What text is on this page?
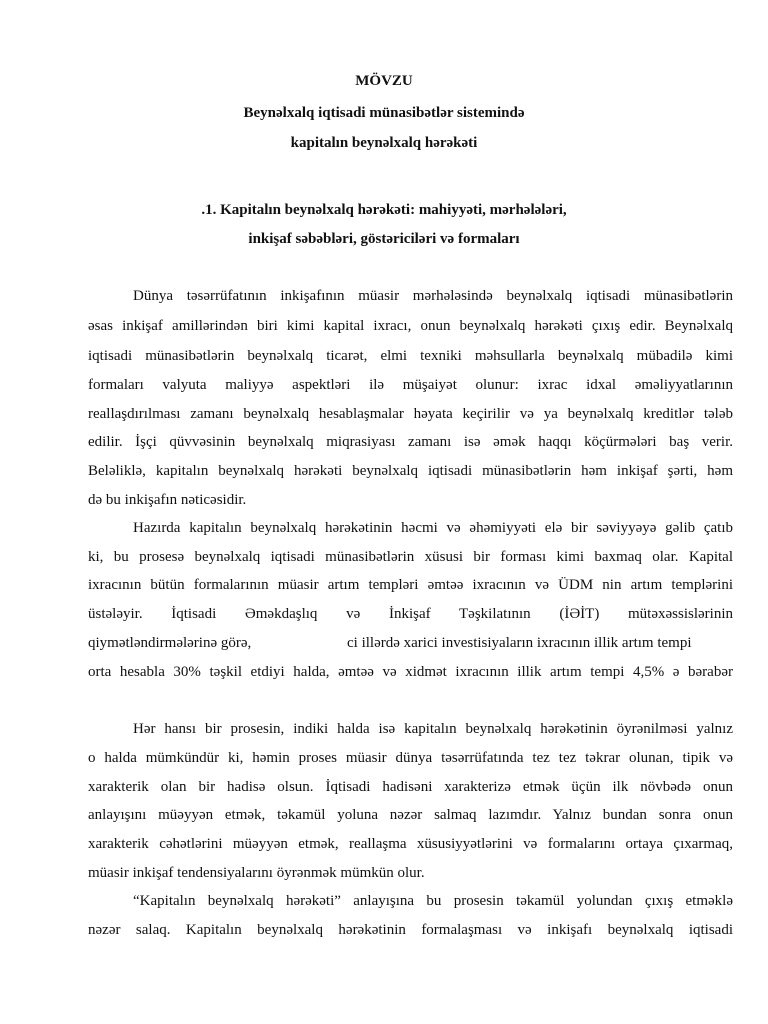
MÖVZU
Beynəlxalq iqtisadi münasibətlər sistemində
kapitalın beynəlxalq hərəkəti
.1. Kapitalın beynəlxalq hərəkəti: mahiyyəti, mərhələləri,
inkişaf səbəbləri, göstəriciləri və formaları
Dünya təsərrüfatının inkişafının müasir mərhələsində beynəlxalq iqtisadi münasibətlərin
əsas inkişaf amillərindən biri kimi kapital ixracı, onun beynəlxalq hərəkəti çıxış edir. Beynəlxalq
iqtisadi münasibətlərin beynəlxalq ticarət, elmi texniki məhsullarla beynəlxalq mübadilə kimi
formaları valyuta maliyyə aspektləri ilə müşaiyət olunur: ixrac idxal əməliyyatlarının
reallaşdırılması zamanı beynəlxalq hesablaşmalar həyata keçirilir və ya beynəlxalq kreditlər tələb
edilir. İşçi qüvvəsinin beynəlxalq miqrasiyası zamanı isə əmək haqqı köçürmələri baş verir.
Beləliklə, kapitalın beynəlxalq hərəkəti beynəlxalq iqtisadi münasibətlərin həm inkişaf şərti, həm
də bu inkişafın nəticəsidir.
Hazırda kapitalın beynəlxalq hərəkətinin həcmi və əhəmiyyəti elə bir səviyyəyə gəlib çatıb
ki, bu prosesə beynəlxalq iqtisadi münasibətlərin xüsusi bir forması kimi baxmaq olar. Kapital
ixracının bütün formalarının müasir artım templəri əmtəə ixracının və ÜDM nin artım templərini
üstələyir. İqtisadi Əməkdaşlıq və İnkişaf Təşkilatının (İƏİT) mütəxəssislərinin
qiymətləndirmələrinə görə,	ci illərdə xarici investisiyaların ixracının illik artım tempi
orta hesabla 30% təşkil etdiyi halda, əmtəə və xidmət ixracının illik artım tempi 4,5% ə bərabər
Hər hansı bir prosesin, indiki halda isə kapitalın beynəlxalq hərəkətinin öyrənilməsi yalnız
o halda mümkündür ki, həmin proses müasir dünya təsərrüfatında tez tez təkrar olunan, tipik və
xarakterik olan bir hadisə olsun. İqtisadi hadisəni xarakterizə etmək üçün ilk növbədə onun
anlayışını müəyyən etmək, təkamül yoluna nəzər salmaq lazımdır. Yalnız bundan sonra onun
xarakterik cəhətlərini müəyyən etmək, reallaşma xüsusiyyətlərini və formalarını ortaya çıxarmaq,
müasir inkişaf tendensiyalarını öyrənmək mümkün olur.
“Kapitalın beynəlxalq hərəkəti” anlayışına bu prosesin təkamül yolundan çıxış etməklə
nəzər salaq. Kapitalın beynəlxalq hərəkətinin formalaşması və inkişafı beynəlxalq iqtisadi
